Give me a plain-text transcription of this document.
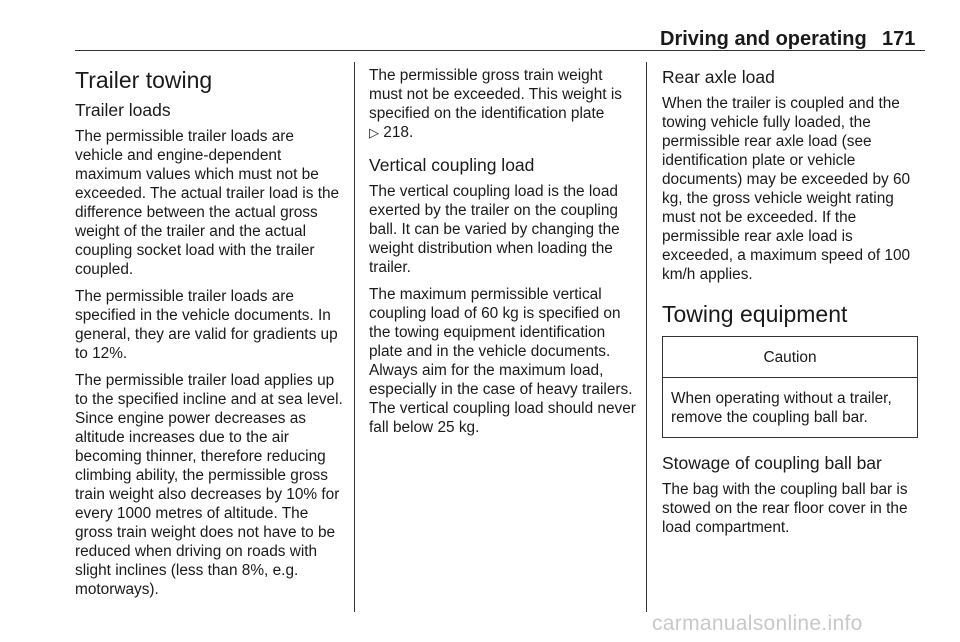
Driving and operating 171
Trailer towing
Trailer loads

The permissible trailer loads are vehicle and engine-dependent maximum values which must not be exceeded. The actual trailer load is the difference between the actual gross weight of the trailer and the actual coupling socket load with the trailer coupled.

The permissible trailer loads are specified in the vehicle documents. In general, they are valid for gradients up to 12%.

The permissible trailer load applies up to the specified incline and at sea level. Since engine power decreases as altitude increases due to the air becoming thinner, therefore reducing climbing ability, the permissible gross train weight also decreases by 10% for every 1000 metres of altitude. The gross train weight does not have to be reduced when driving on roads with slight inclines (less than 8%, e.g. motorways).

The permissible gross train weight must not be exceeded. This weight is specified on the identification plate
▷ 218.

Vertical coupling load

The vertical coupling load is the load exerted by the trailer on the coupling ball. It can be varied by changing the weight distribution when loading the trailer.

The maximum permissible vertical coupling load of 60 kg is specified on the towing equipment identification plate and in the vehicle documents. Always aim for the maximum load, especially in the case of heavy trailers. The vertical coupling load should never fall below 25 kg.

Rear axle load

When the trailer is coupled and the towing vehicle fully loaded, the permissible rear axle load (see identification plate or vehicle documents) may be exceeded by 60 kg, the gross vehicle weight rating must not be exceeded. If the permissible rear axle load is exceeded, a maximum speed of 100 km/h applies.

Towing equipment
Caution
When operating without a trailer, remove the coupling ball bar.
Stowage of coupling ball bar

The bag with the coupling ball bar is stowed on the rear floor cover in the load compartment.

carmanualsonline.info
